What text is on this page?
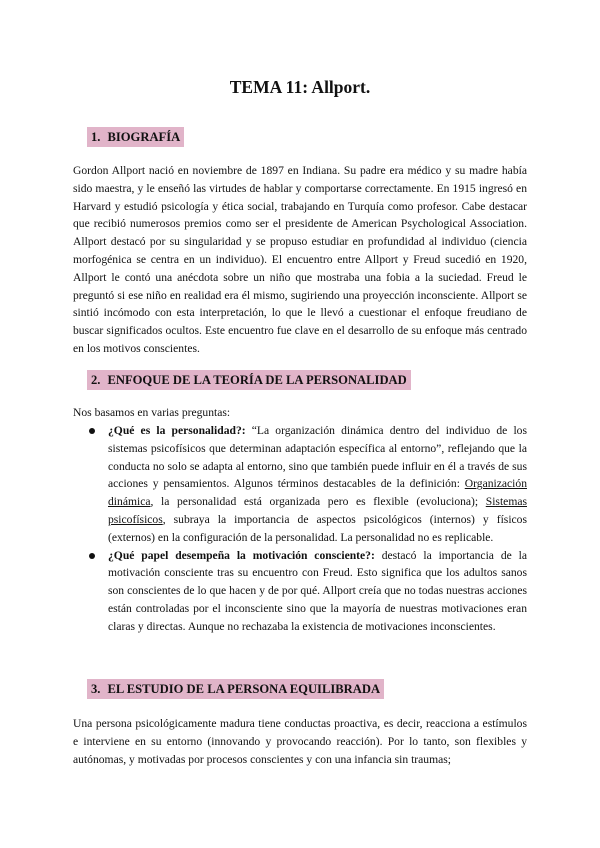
TEMA 11: Allport.
1. BIOGRAFÍA

Gordon Allport nació en noviembre de 1897 en Indiana. Su padre era médico y su madre había sido maestra, y le enseñó las virtudes de hablar y comportarse correctamente. En 1915 ingresó en Harvard y estudió psicología y ética social, trabajando en Turquía como profesor. Cabe destacar que recibió numerosos premios como ser el presidente de American Psychological Association. Allport destacó por su singularidad y se propuso estudiar en profundidad al individuo (ciencia morfogénica se centra en un individuo). El encuentro entre Allport y Freud sucedió en 1920, Allport le contó una anécdota sobre un niño que mostraba una fobia a la suciedad. Freud le preguntó si ese niño en realidad era él mismo, sugiriendo una proyección inconsciente. Allport se sintió incómodo con esta interpretación, lo que le llevó a cuestionar el enfoque freudiano de buscar significados ocultos. Este encuentro fue clave en el desarrollo de su enfoque más centrado en los motivos conscientes.

2. ENFOQUE DE LA TEORÍA DE LA PERSONALIDAD

Nos basamos en varias preguntas:

¿Qué es la personalidad?: “La organización dinámica dentro del individuo de los sistemas psicofísicos que determinan adaptación específica al entorno”, reflejando que la conducta no solo se adapta al entorno, sino que también puede influir en él a través de sus acciones y pensamientos. Algunos términos destacables de la definición: Organización dinámica, la personalidad está organizada pero es flexible (evoluciona); Sistemas psicofísicos, subraya la importancia de aspectos psicológicos (internos) y físicos (externos) en la configuración de la personalidad. La personalidad no es replicable.
¿Qué papel desempeña la motivación consciente?: destacó la importancia de la motivación consciente tras su encuentro con Freud. Esto significa que los adultos sanos son conscientes de lo que hacen y de por qué. Allport creía que no todas nuestras acciones están controladas por el inconsciente sino que la mayoría de nuestras motivaciones eran claras y directas. Aunque no rechazaba la existencia de motivaciones inconscientes.
3. EL ESTUDIO DE LA PERSONA EQUILIBRADA

Una persona psicológicamente madura tiene conductas proactiva, es decir, reacciona a estímulos e interviene en su entorno (innovando y provocando reacción). Por lo tanto, son flexibles y autónomas, y motivadas por procesos conscientes y con una infancia sin traumas;
